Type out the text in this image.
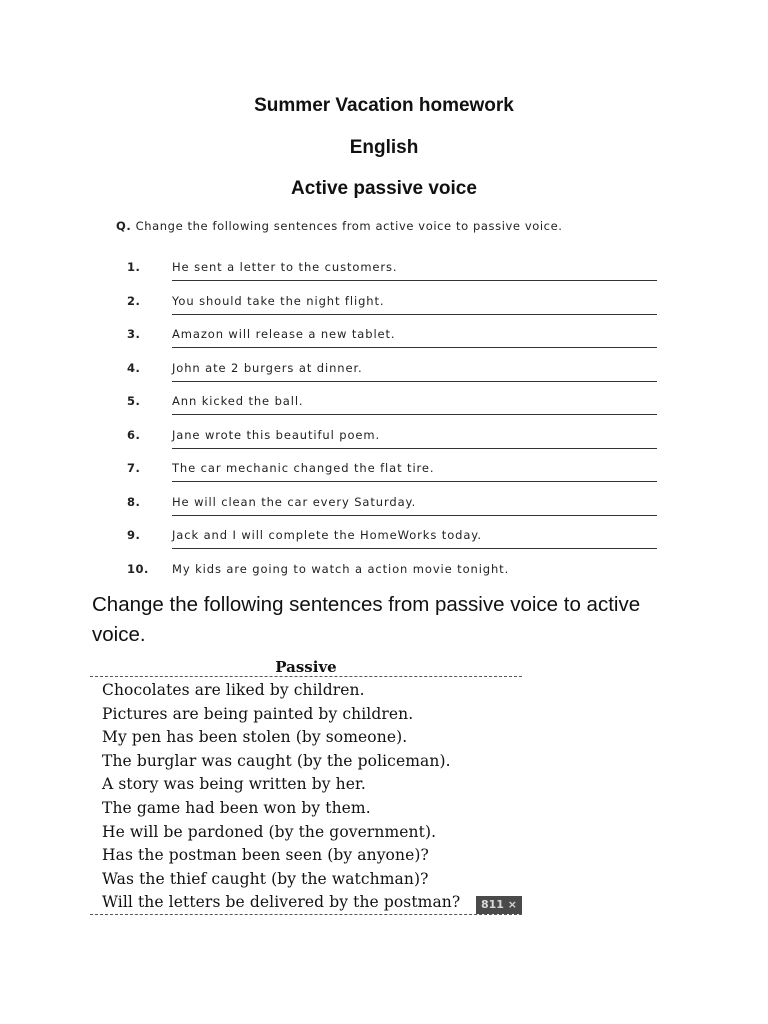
Summer Vacation homework
English
Active passive voice
Q. Change the following sentences from active voice to passive voice.
1.	He sent a letter to the customers.
2.	You should take the night flight.
3.	Amazon will release a new tablet.
4.	John ate 2 burgers at dinner.
5.	Ann kicked the ball.
6.	Jane wrote this beautiful poem.
7.	The car mechanic changed the flat tire.
8.	He will clean the car every Saturday.
9.	Jack and I will complete the HomeWorks today.
10. My kids are going to watch a action movie tonight.
Change the following sentences from passive voice to active voice.
Passive
Chocolates are liked by children.
Pictures are being painted by children.
My pen has been stolen (by someone).
The burglar was caught (by the policeman).
A story was being written by her.
The game had been won by them.
He will be pardoned (by the government).
Has the postman been seen (by anyone)?
Was the thief caught (by the watchman)?
Will the letters be delivered by the postman?	811 ×
